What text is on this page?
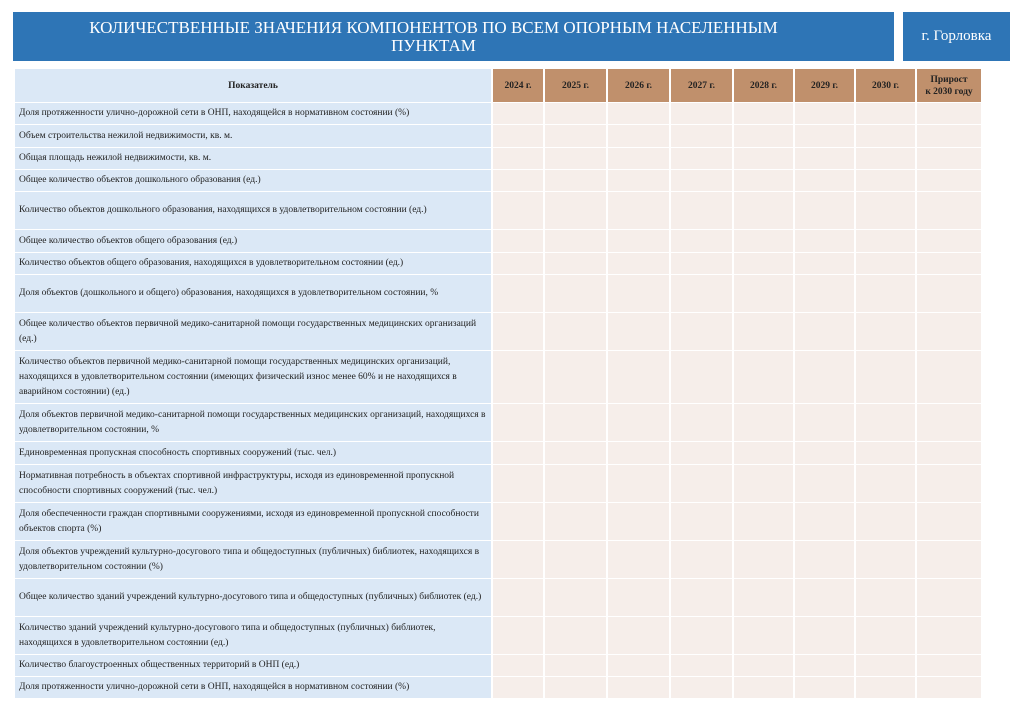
КОЛИЧЕСТВЕННЫЕ ЗНАЧЕНИЯ КОМПОНЕНТОВ ПО ВСЕМ ОПОРНЫМ НАСЕЛЕННЫМ
ПУНКТАМ	г. Горловка
Показатель	2024 г.	2025 г.	2026 г.	2027 г.	2028 г.	2029 г.	2030 г.	Прирост
к 2030 году
Доля протяженности улично-дорожной сети в ОНП, находящейся в нормативном состоянии (%)								
Объем строительства нежилой недвижимости, кв. м.								
Общая площадь нежилой недвижимости, кв. м.								
Общее количество объектов дошкольного образования (ед.)								
Количество объектов дошкольного образования, находящихся в удовлетворительном состоянии (ед.)								
Общее количество объектов общего образования (ед.)								
Количество объектов общего образования, находящихся в удовлетворительном состоянии (ед.)								
Доля объектов (дошкольного и общего) образования, находящихся в удовлетворительном состоянии, %								
Общее количество объектов первичной медико-санитарной помощи государственных медицинских организаций (ед.)								
Количество объектов первичной медико-санитарной помощи государственных медицинских организаций, находящихся в удовлетворительном состоянии (имеющих физический износ менее 60% и не находящихся в аварийном состоянии) (ед.)								
Доля объектов первичной медико-санитарной помощи государственных медицинских организаций, находящихся в удовлетворительном состоянии, %								
Единовременная пропускная способность спортивных сооружений (тыс. чел.)								
Нормативная потребность в объектах спортивной инфраструктуры, исходя из единовременной пропускной способности спортивных сооружений (тыс. чел.)								
Доля обеспеченности граждан спортивными сооружениями, исходя из единовременной пропускной способности объектов спорта (%)								
Доля объектов учреждений культурно-досугового типа и общедоступных (публичных) библиотек, находящихся в удовлетворительном состоянии (%)								
Общее количество зданий учреждений культурно-досугового типа и общедоступных (публичных) библиотек (ед.)								
Количество зданий учреждений культурно-досугового типа и общедоступных (публичных) библиотек, находящихся в удовлетворительном состоянии (ед.)								
Количество благоустроенных общественных территорий в ОНП (ед.)								
Доля протяженности улично-дорожной сети в ОНП, находящейся в нормативном состоянии (%)								
